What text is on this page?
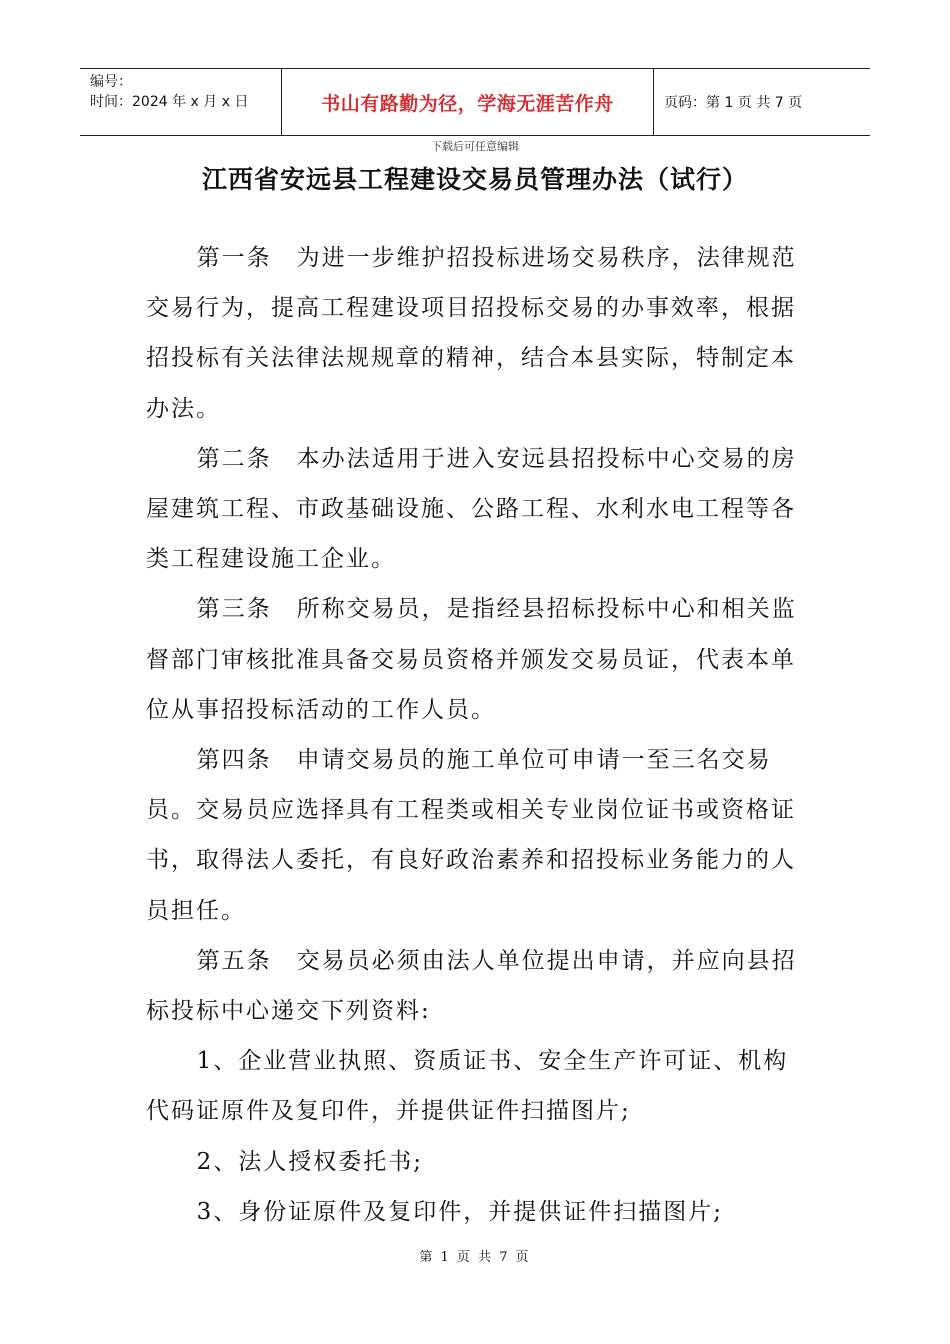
编号：
时间：2024 年 x 月 x 日	书山有路勤为径，学海无涯苦作舟	页码：第 1 页 共 7 页
下载后可任意编辑
江西省安远县工程建设交易员管理办法（试行）

第一条　为进一步维护招投标进场交易秩序，法律规范交易行为，提高工程建设项目招投标交易的办事效率，根据招投标有关法律法规规章的精神，结合本县实际，特制定本办法。

第二条　本办法适用于进入安远县招投标中心交易的房屋建筑工程、市政基础设施、公路工程、水利水电工程等各类工程建设施工企业。

第三条　所称交易员，是指经县招标投标中心和相关监督部门审核批准具备交易员资格并颁发交易员证，代表本单位从事招投标活动的工作人员。

第四条　申请交易员的施工单位可申请一至三名交易员。交易员应选择具有工程类或相关专业岗位证书或资格证书，取得法人委托，有良好政治素养和招投标业务能力的人员担任。

第五条　交易员必须由法人单位提出申请，并应向县招标投标中心递交下列资料:

1、企业营业执照、资质证书、安全生产许可证、机构代码证原件及复印件，并提供证件扫描图片;

2、法人授权委托书;

3、身份证原件及复印件，并提供证件扫描图片;

第 1 页 共 7 页
